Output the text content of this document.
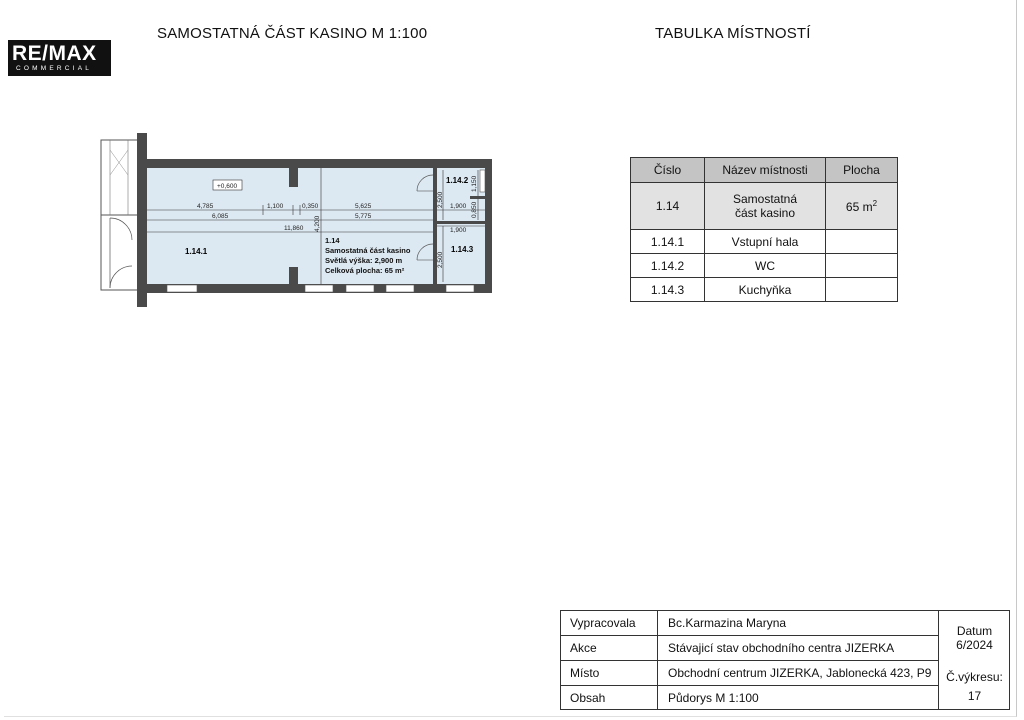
SAMOSTATNÁ ČÁST KASINO M 1:100	TABULKA MÍSTNOSTÍ
RE/MAX
COMMERCIAL
4,785	1,100	0,350	5,625
6,085	5,775
11,860
1,900
1,900
2,500
2,500
4,200
1,150
0,850
+0,600
1.14.1
1.14.2
1.14.3
1.14
Samostatná část kasino
Světlá výška: 2,900 m
Celková plocha: 65 m²
Číslo	Název místnosti	Plocha
1.14	Samostatná
část kasino	65 $m^2$
1.14.1	Vstupní hala	
1.14.2	WC	
1.14.3	Kuchyňka	
Vypracovala	Bc.Karmazina Maryna
Akce	Stávajicí stav obchodního centra JIZERKA
Místo	Obchodní centrum JIZERKA, Jablonecká 423, P9
Obsah	Půdorys M 1:100
Datum
6/2024
Č.výkresu:
17
